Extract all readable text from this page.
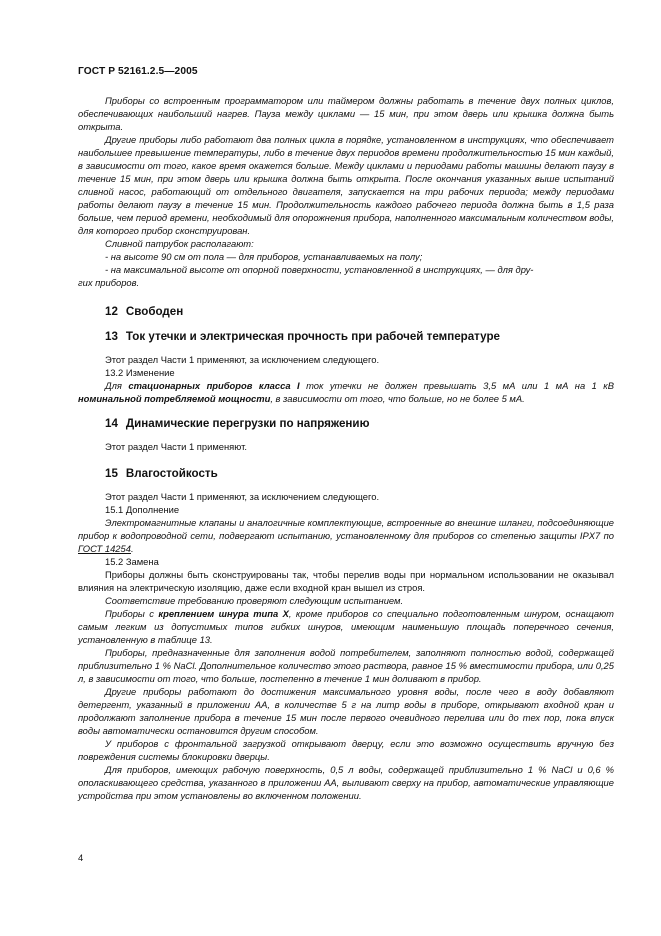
ГОСТ Р 52161.2.5—2005

Приборы со встроенным программатором или таймером должны работать в течение двух полных циклов, обеспечивающих наибольший нагрев. Пауза между циклами — 15 мин, при этом дверь или крышка должна быть открыта.

Другие приборы либо работают два полных цикла в порядке, установленном в инструкциях, что обеспечивает наибольшее превышение температуры, либо в течение двух периодов времени продолжительностью 15 мин каждый, в зависимости от того, какое время окажется больше. Между циклами и периодами работы машины делают паузу в течение 15 мин, при этом дверь или крышка должна быть открыта. После окончания указанных выше испытаний сливной насос, работающий от отдельного двигателя, запускается на три рабочих периода; между периодами работы делают паузу в течение 15 мин. Продолжительность каждого рабочего периода должна быть в 1,5 раза больше, чем период времени, необходимый для опорожнения прибора, наполненного максимальным количеством воды, для которого прибор сконструирован.

Сливной патрубок располагают:

- на высоте 90 см от пола — для приборов, устанавливаемых на полу;

- на максимальной высоте от опорной поверхности, установленной в инструкциях, — для дру-

гих приборов.

12 Свободен

13 Ток утечки и электрическая прочность при рабочей температуре

Этот раздел Части 1 применяют, за исключением следующего.

13.2 Изменение

Для стационарных приборов класса I ток утечки не должен превышать 3,5 мА или 1 мА на 1 кВ номинальной потребляемой мощности, в зависимости от того, что больше, но не более 5 мА.

14 Динамические перегрузки по напряжению

Этот раздел Части 1 применяют.

15 Влагостойкость

Этот раздел Части 1 применяют, за исключением следующего.

15.1 Дополнение

Электромагнитные клапаны и аналогичные комплектующие, встроенные во внешние шланги, подсоединяющие прибор к водопроводной сети, подвергают испытанию, установленному для приборов со степенью защиты IPX7 по ГОСТ 14254.

15.2 Замена

Приборы должны быть сконструированы так, чтобы перелив воды при нормальном использовании не оказывал влияния на электрическую изоляцию, даже если входной кран вышел из строя.

Соответствие требованию проверяют следующим испытанием.

Приборы с креплением шнура типа X, кроме приборов со специально подготовленным шнуром, оснащают самым легким из допустимых типов гибких шнуров, имеющим наименьшую площадь поперечного сечения, установленную в таблице 13.

Приборы, предназначенные для заполнения водой потребителем, заполняют полностью водой, содержащей приблизительно 1 % NaCl. Дополнительное количество этого раствора, равное 15 % вместимости прибора, или 0,25 л, в зависимости от того, что больше, постепенно в течение 1 мин доливают в прибор.

Другие приборы работают до достижения максимального уровня воды, после чего в воду добавляют детергент, указанный в приложении АА, в количестве 5 г на литр воды в приборе, открывают входной кран и продолжают заполнение прибора в течение 15 мин после первого очевидного перелива или до тех пор, пока впуск воды автоматически остановится другим способом.

У приборов с фронтальной загрузкой открывают дверцу, если это возможно осуществить вручную без повреждения системы блокировки дверцы.

Для приборов, имеющих рабочую поверхность, 0,5 л воды, содержащей приблизительно 1 % NaCl и 0,6 % ополаскивающего средства, указанного в приложении АА, выливают сверху на прибор, автоматические управляющие устройства при этом установлены во включенном положении.

4
